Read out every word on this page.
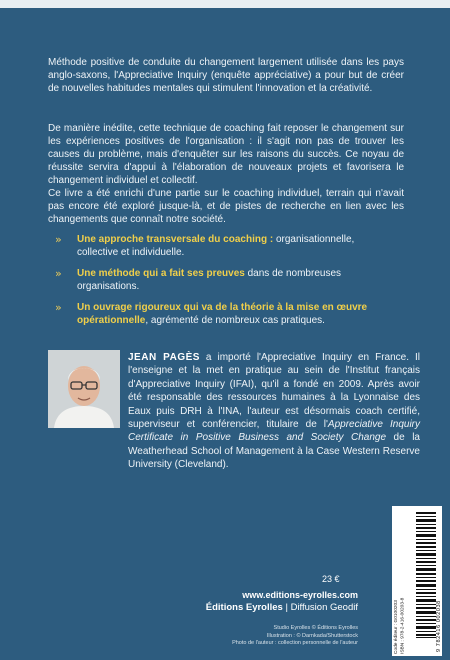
Méthode positive de conduite du changement largement utilisée dans les pays anglo-saxons, l'Appreciative Inquiry (enquête appréciative) a pour but de créer de nouvelles habitudes mentales qui stimulent l'innovation et la créativité.

De manière inédite, cette technique de coaching fait reposer le changement sur les expériences positives de l'organisation : il s'agit non pas de trouver les causes du problème, mais d'enquêter sur les raisons du succès. Ce noyau de réussite servira d'appui à l'élaboration de nouveaux projets et favorisera le changement individuel et collectif.

Ce livre a été enrichi d'une partie sur le coaching individuel, terrain qui n'avait pas encore été exploré jusque-là, et de pistes de recherche en lien avec les changements que connaît notre société.

» Une approche transversale du coaching : organisationnelle, collective et individuelle.
» Une méthode qui a fait ses preuves dans de nombreuses organisations.
» Un ouvrage rigoureux qui va de la théorie à la mise en œuvre opérationnelle, agrémenté de nombreux cas pratiques.

JEAN PAGÈS a importé l'Appreciative Inquiry en France. Il l'enseigne et la met en pratique au sein de l'Institut français d'Appreciative Inquiry (IFAI), qu'il a fondé en 2009. Après avoir été responsable des ressources humaines à la Lyonnaise des Eaux puis DRH à l'INA, l'auteur est désormais coach certifié, superviseur et conférencier, titulaire de l'Appreciative Inquiry Certificate in Positive Business and Society Change de la Weatherhead School of Management à la Case Western Reserve University (Cleveland).

23 €
www.editions-eyrolles.com
Éditions Eyrolles | Diffusion Geodif
Studio Eyrolles © Éditions Eyrolles
Illustration : © Darnkada/Shutterstock
Photo de l'auteur : collection personnelle de l'auteur	Code éditeur : G0100203 ISBN : 978-2-416-00203-8	9 782416 002038
